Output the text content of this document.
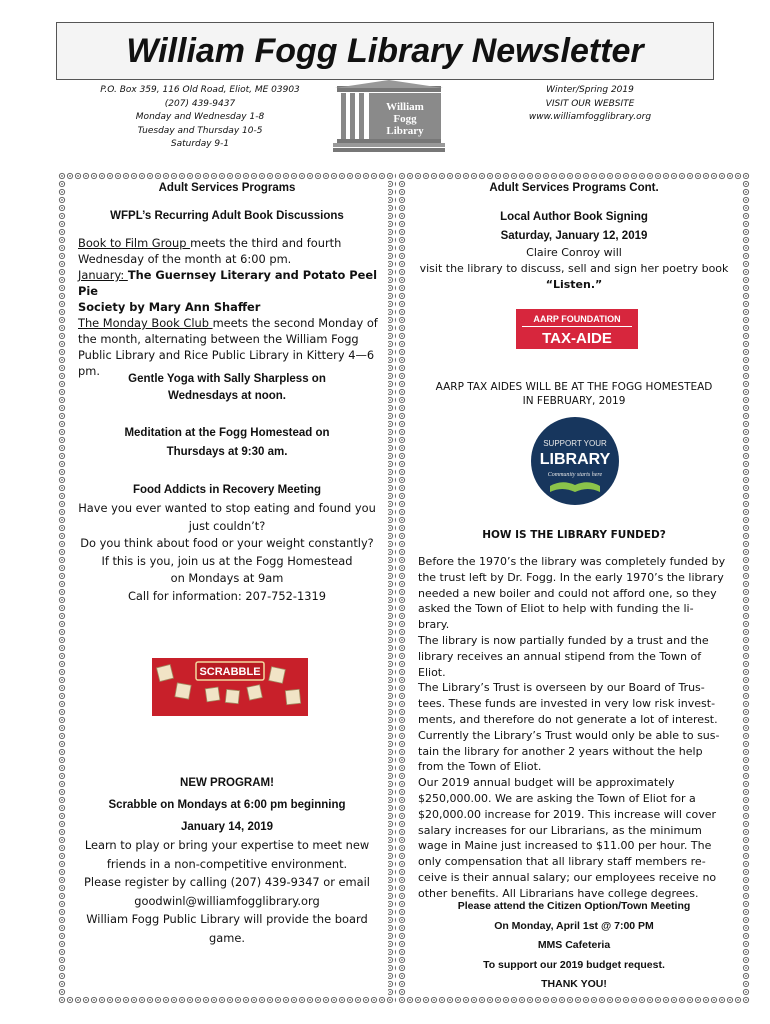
William Fogg Library Newsletter
P.O. Box 359, 116 Old Road, Eliot, ME 03903
(207) 439-9437
Monday and Wednesday 1-8
Tuesday and Thursday 10-5
Saturday 9-1
William
Fogg
Library
Winter/Spring 2019
VISIT OUR WEBSITE
www.williamfogglibrary.org
Adult Services Programs
WFPL’s Recurring Adult Book Discussions
Book to Film Group meets the third and fourth
Wednesday of the month at 6:00 pm.
January: The Guernsey Literary and Potato Peel Pie
Society by Mary Ann Shaffer
The Monday Book Club meets the second Monday of
the month, alternating between the William Fogg
Public Library and Rice Public Library in Kittery 4—6
pm.
Gentle Yoga with Sally Sharpless on
Wednesdays at noon.
Meditation at the Fogg Homestead on
Thursdays at 9:30 am.
Food Addicts in Recovery Meeting
Have you ever wanted to stop eating and found you
just couldn’t?
Do you think about food or your weight constantly?
If this is you, join us at the Fogg Homestead
on Mondays at 9am
Call for information: 207-752-1319
SCRABBLE
NEW PROGRAM!
Scrabble on Mondays at 6:00 pm beginning
January 14, 2019
Learn to play or bring your expertise to meet new
friends in a non-competitive environment.
Please register by calling (207) 439-9347 or email
goodwinl@williamfogglibrary.org
William Fogg Public Library will provide the board
game.
Adult Services Programs Cont.
Local Author Book Signing
Saturday, January 12, 2019
Claire Conroy will
visit the library to discuss, sell and sign her poetry book
“Listen.”
AARP FOUNDATION
TAX-AIDE
AARP TAX AIDES WILL BE AT THE FOGG HOMESTEAD
IN FEBRUARY, 2019
SUPPORT YOUR
LIBRARY
Community starts here
HOW IS THE LIBRARY FUNDED?
Before the 1970’s the library was completely funded by
the trust left by Dr. Fogg. In the early 1970’s the library
needed a new boiler and could not afford one, so they
asked the Town of Eliot to help with funding the li-
brary.
The library is now partially funded by a trust and the
library receives an annual stipend from the Town of
Eliot.
The Library’s Trust is overseen by our Board of Trus-
tees. These funds are invested in very low risk invest-
ments, and therefore do not generate a lot of interest.
Currently the Library’s Trust would only be able to sus-
tain the library for another 2 years without the help
from the Town of Eliot.
Our 2019 annual budget will be approximately
$250,000.00. We are asking the Town of Eliot for a
$20,000.00 increase for 2019. This increase will cover
salary increases for our Librarians, as the minimum
wage in Maine just increased to $11.00 per hour. The
only compensation that all library staff members re-
ceive is their annual salary; our employees receive no
other benefits. All Librarians have college degrees.
Please attend the Citizen Option/Town Meeting
On Monday, April 1st @ 7:00 PM
MMS Cafeteria
To support our 2019 budget request.
THANK YOU!
